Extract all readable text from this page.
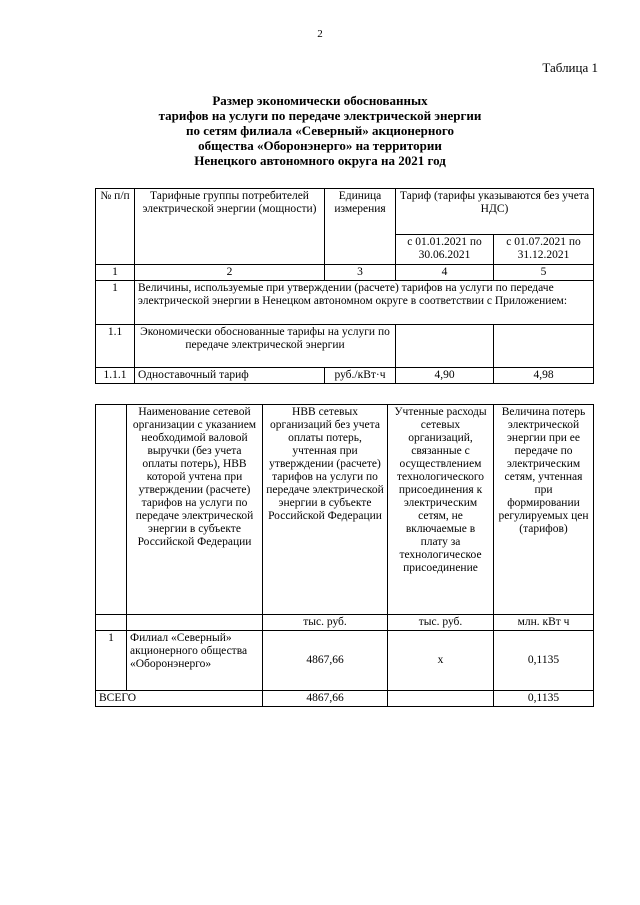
2
Таблица 1
Размер экономически обоснованных
тарифов на услуги по передаче электрической энергии
по сетям филиала «Северный» акционерного
общества «Оборонэнерго» на территории
Ненецкого автономного округа на 2021 год
№ п/п	Тарифные группы потребителей электрической энергии (мощности)	Единица измерения	Тариф (тарифы указываются без учета НДС)	
			с 01.01.2021 по 30.06.2021	с 01.07.2021 по 31.12.2021
1	2	3	4	5
1	Величины, используемые при утверждении (расчете) тарифов на услуги по передаче электрической энергии в Ненецком автономном округе в соответствии с Приложением:			
1.1	Экономически обоснованные тарифы на услуги по передаче электрической энергии			
1.1.1	Одноставочный тариф	руб./кВт·ч	4,90	4,98
	Наименование сетевой организации с указанием необходимой валовой выручки (без учета оплаты потерь), НВВ которой учтена при утверждении (расчете) тарифов на услуги по передаче электрической энергии в субъекте Российской Федерации	НВВ сетевых организаций без учета оплаты потерь, учтенная при утверждении (расчете) тарифов на услуги по передаче электрической энергии в субъекте Российской Федерации	Учтенные расходы сетевых организаций, связанные с осуществлением технологического присоединения к электрическим сетям, не включаемые в плату за технологическое присоединение	Величина потерь электрической энергии при ее передаче по электрическим сетям, учтенная при формировании регулируемых цен (тарифов)
		тыс. руб.	тыс. руб.	млн. кВт ч
1	Филиал «Северный» акционерного общества «Оборонэнерго»	4867,66	х	0,1135
ВСЕГО		4867,66		0,1135
